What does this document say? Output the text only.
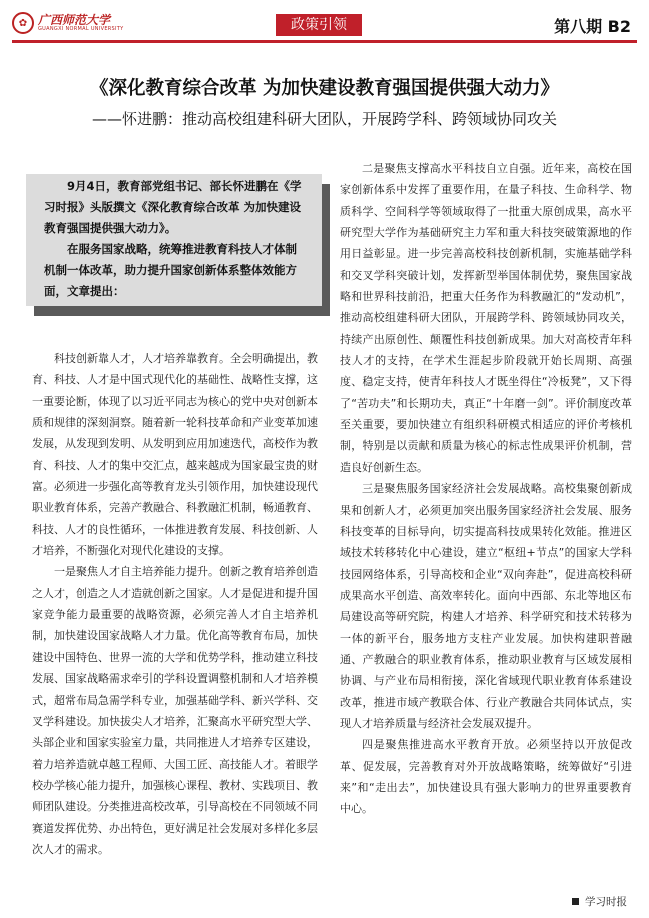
✿ 广西师范大学
GUANGXI NORMAL UNIVERSITY	政策引领	第八期 B2
《深化教育综合改革 为加快建设教育强国提供强大动力》
——怀进鹏：推动高校组建科研大团队，开展跨学科、跨领域协同攻关

9月4日，教育部党组书记、部长怀进鹏在《学习时报》头版撰文《深化教育综合改革 为加快建设教育强国提供强大动力》。

在服务国家战略，统筹推进教育科技人才体制机制一体改革，助力提升国家创新体系整体效能方面，文章提出：

科技创新靠人才，人才培养靠教育。全会明确提出，教育、科技、人才是中国式现代化的基础性、战略性支撑，这一重要论断，体现了以习近平同志为核心的党中央对创新本质和规律的深刻洞察。随着新一轮科技革命和产业变革加速发展，从发现到发明、从发明到应用加速迭代，高校作为教育、科技、人才的集中交汇点，越来越成为国家最宝贵的财富。必须进一步强化高等教育龙头引领作用，加快建设现代职业教育体系，完善产教融合、科教融汇机制，畅通教育、科技、人才的良性循环，一体推进教育发展、科技创新、人才培养，不断强化对现代化建设的支撑。

一是聚焦人才自主培养能力提升。创新之教育培养创造之人才，创造之人才造就创新之国家。人才是促进和提升国家竞争能力最重要的战略资源，必须完善人才自主培养机制，加快建设国家战略人才力量。优化高等教育布局，加快建设中国特色、世界一流的大学和优势学科，推动建立科技发展、国家战略需求牵引的学科设置调整机制和人才培养模式，超常布局急需学科专业，加强基础学科、新兴学科、交叉学科建设。加快拔尖人才培养，汇聚高水平研究型大学、头部企业和国家实验室力量，共同推进人才培养专区建设，着力培养造就卓越工程师、大国工匠、高技能人才。着眼学校办学核心能力提升，加强核心课程、教材、实践项目、教师团队建设。分类推进高校改革，引导高校在不同领域不同赛道发挥优势、办出特色，更好满足社会发展对多样化多层次人才的需求。

二是聚焦支撑高水平科技自立自强。近年来，高校在国家创新体系中发挥了重要作用，在量子科技、生命科学、物质科学、空间科学等领域取得了一批重大原创成果，高水平研究型大学作为基础研究主力军和重大科技突破策源地的作用日益彰显。进一步完善高校科技创新机制，实施基础学科和交叉学科突破计划，发挥新型举国体制优势，聚焦国家战略和世界科技前沿，把重大任务作为科教融汇的“发动机”，推动高校组建科研大团队，开展跨学科、跨领域协同攻关，持续产出原创性、颠覆性科技创新成果。加大对高校青年科技人才的支持，在学术生涯起步阶段就开始长周期、高强度、稳定支持，使青年科技人才既坐得住“冷板凳”，又下得了“苦功夫”和长期功夫，真正“十年磨一剑”。评价制度改革至关重要，要加快建立有组织科研模式相适应的评价考核机制，特别是以贡献和质量为核心的标志性成果评价机制，营造良好创新生态。

三是聚焦服务国家经济社会发展战略。高校集聚创新成果和创新人才，必须更加突出服务国家经济社会发展、服务科技变革的目标导向，切实提高科技成果转化效能。推进区域技术转移转化中心建设，建立“枢纽+节点”的国家大学科技园网络体系，引导高校和企业“双向奔赴”，促进高校科研成果高水平创造、高效率转化。面向中西部、东北等地区布局建设高等研究院，构建人才培养、科学研究和技术转移为一体的新平台，服务地方支柱产业发展。加快构建职普融通、产教融合的职业教育体系，推动职业教育与区域发展相协调、与产业布局相衔接，深化省域现代职业教育体系建设改革，推进市域产教联合体、行业产教融合共同体试点，实现人才培养质量与经济社会发展双提升。

四是聚焦推进高水平教育开放。必须坚持以开放促改革、促发展，完善教育对外开放战略策略，统筹做好“引进来”和“走出去”，加快建设具有强大影响力的世界重要教育中心。

学习时报
